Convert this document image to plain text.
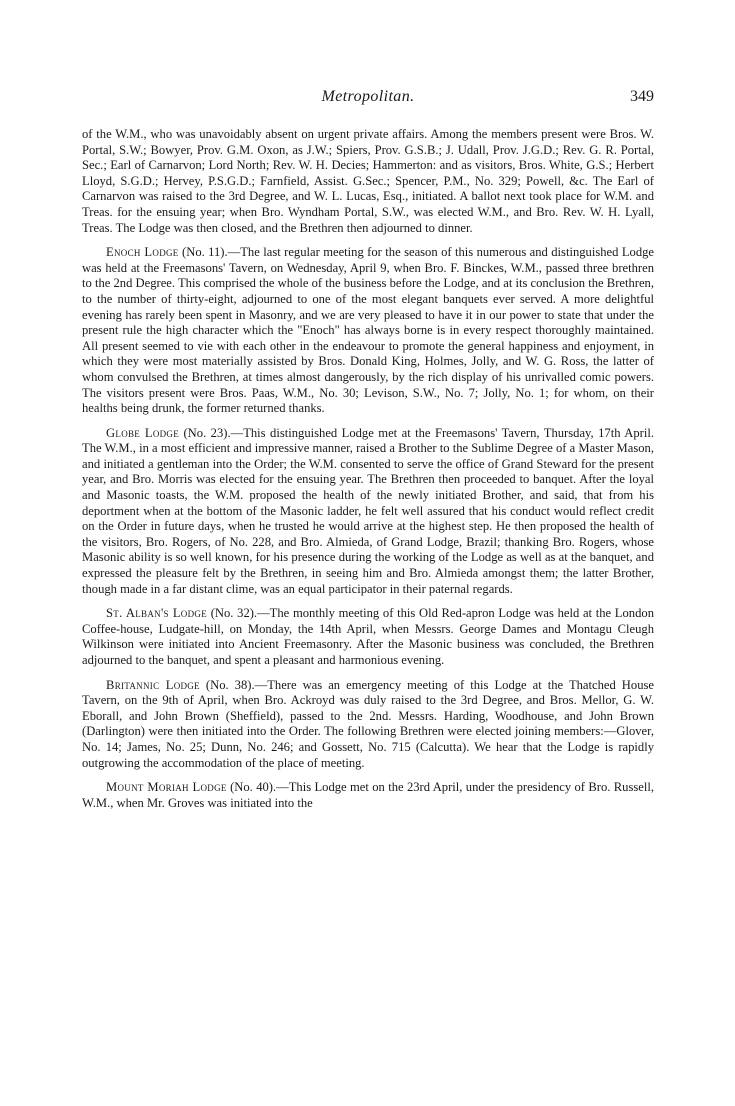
Metropolitan.	349

of the W.M., who was unavoidably absent on urgent private affairs. Among the members present were Bros. W. Portal, S.W.; Bowyer, Prov. G.M. Oxon, as J.W.; Spiers, Prov. G.S.B.; J. Udall, Prov. J.G.D.; Rev. G. R. Portal, Sec.; Earl of Carnarvon; Lord North; Rev. W. H. Decies; Hammerton: and as visitors, Bros. White, G.S.; Herbert Lloyd, S.G.D.; Hervey, P.S.G.D.; Farnfield, Assist. G.Sec.; Spencer, P.M., No. 329; Powell, &c. The Earl of Carnarvon was raised to the 3rd Degree, and W. L. Lucas, Esq., initiated. A ballot next took place for W.M. and Treas. for the ensuing year; when Bro. Wyndham Portal, S.W., was elected W.M., and Bro. Rev. W. H. Lyall, Treas. The Lodge was then closed, and the Brethren then adjourned to dinner.

Enoch Lodge (No. 11).—The last regular meeting for the season of this numerous and distinguished Lodge was held at the Freemasons' Tavern, on Wednesday, April 9, when Bro. F. Binckes, W.M., passed three brethren to the 2nd Degree. This comprised the whole of the business before the Lodge, and at its conclusion the Brethren, to the number of thirty-eight, adjourned to one of the most elegant banquets ever served. A more delightful evening has rarely been spent in Masonry, and we are very pleased to have it in our power to state that under the present rule the high character which the "Enoch" has always borne is in every respect thoroughly maintained. All present seemed to vie with each other in the endeavour to promote the general happiness and enjoyment, in which they were most materially assisted by Bros. Donald King, Holmes, Jolly, and W. G. Ross, the latter of whom convulsed the Brethren, at times almost dangerously, by the rich display of his unrivalled comic powers. The visitors present were Bros. Paas, W.M., No. 30; Levison, S.W., No. 7; Jolly, No. 1; for whom, on their healths being drunk, the former returned thanks.

Globe Lodge (No. 23).—This distinguished Lodge met at the Freemasons' Tavern, Thursday, 17th April. The W.M., in a most efficient and impressive manner, raised a Brother to the Sublime Degree of a Master Mason, and initiated a gentleman into the Order; the W.M. consented to serve the office of Grand Steward for the present year, and Bro. Morris was elected for the ensuing year. The Brethren then proceeded to banquet. After the loyal and Masonic toasts, the W.M. proposed the health of the newly initiated Brother, and said, that from his deportment when at the bottom of the Masonic ladder, he felt well assured that his conduct would reflect credit on the Order in future days, when he trusted he would arrive at the highest step. He then proposed the health of the visitors, Bro. Rogers, of No. 228, and Bro. Almieda, of Grand Lodge, Brazil; thanking Bro. Rogers, whose Masonic ability is so well known, for his presence during the working of the Lodge as well as at the banquet, and expressed the pleasure felt by the Brethren, in seeing him and Bro. Almieda amongst them; the latter Brother, though made in a far distant clime, was an equal participator in their paternal regards.

St. Alban's Lodge (No. 32).—The monthly meeting of this Old Red-apron Lodge was held at the London Coffee-house, Ludgate-hill, on Monday, the 14th April, when Messrs. George Dames and Montagu Cleugh Wilkinson were initiated into Ancient Freemasonry. After the Masonic business was concluded, the Brethren adjourned to the banquet, and spent a pleasant and harmonious evening.

Britannic Lodge (No. 38).—There was an emergency meeting of this Lodge at the Thatched House Tavern, on the 9th of April, when Bro. Ackroyd was duly raised to the 3rd Degree, and Bros. Mellor, G. W. Eborall, and John Brown (Sheffield), passed to the 2nd. Messrs. Harding, Woodhouse, and John Brown (Darlington) were then initiated into the Order. The following Brethren were elected joining members:—Glover, No. 14; James, No. 25; Dunn, No. 246; and Gossett, No. 715 (Calcutta). We hear that the Lodge is rapidly outgrowing the accommodation of the place of meeting.

Mount Moriah Lodge (No. 40).—This Lodge met on the 23rd April, under the presidency of Bro. Russell, W.M., when Mr. Groves was initiated into the
